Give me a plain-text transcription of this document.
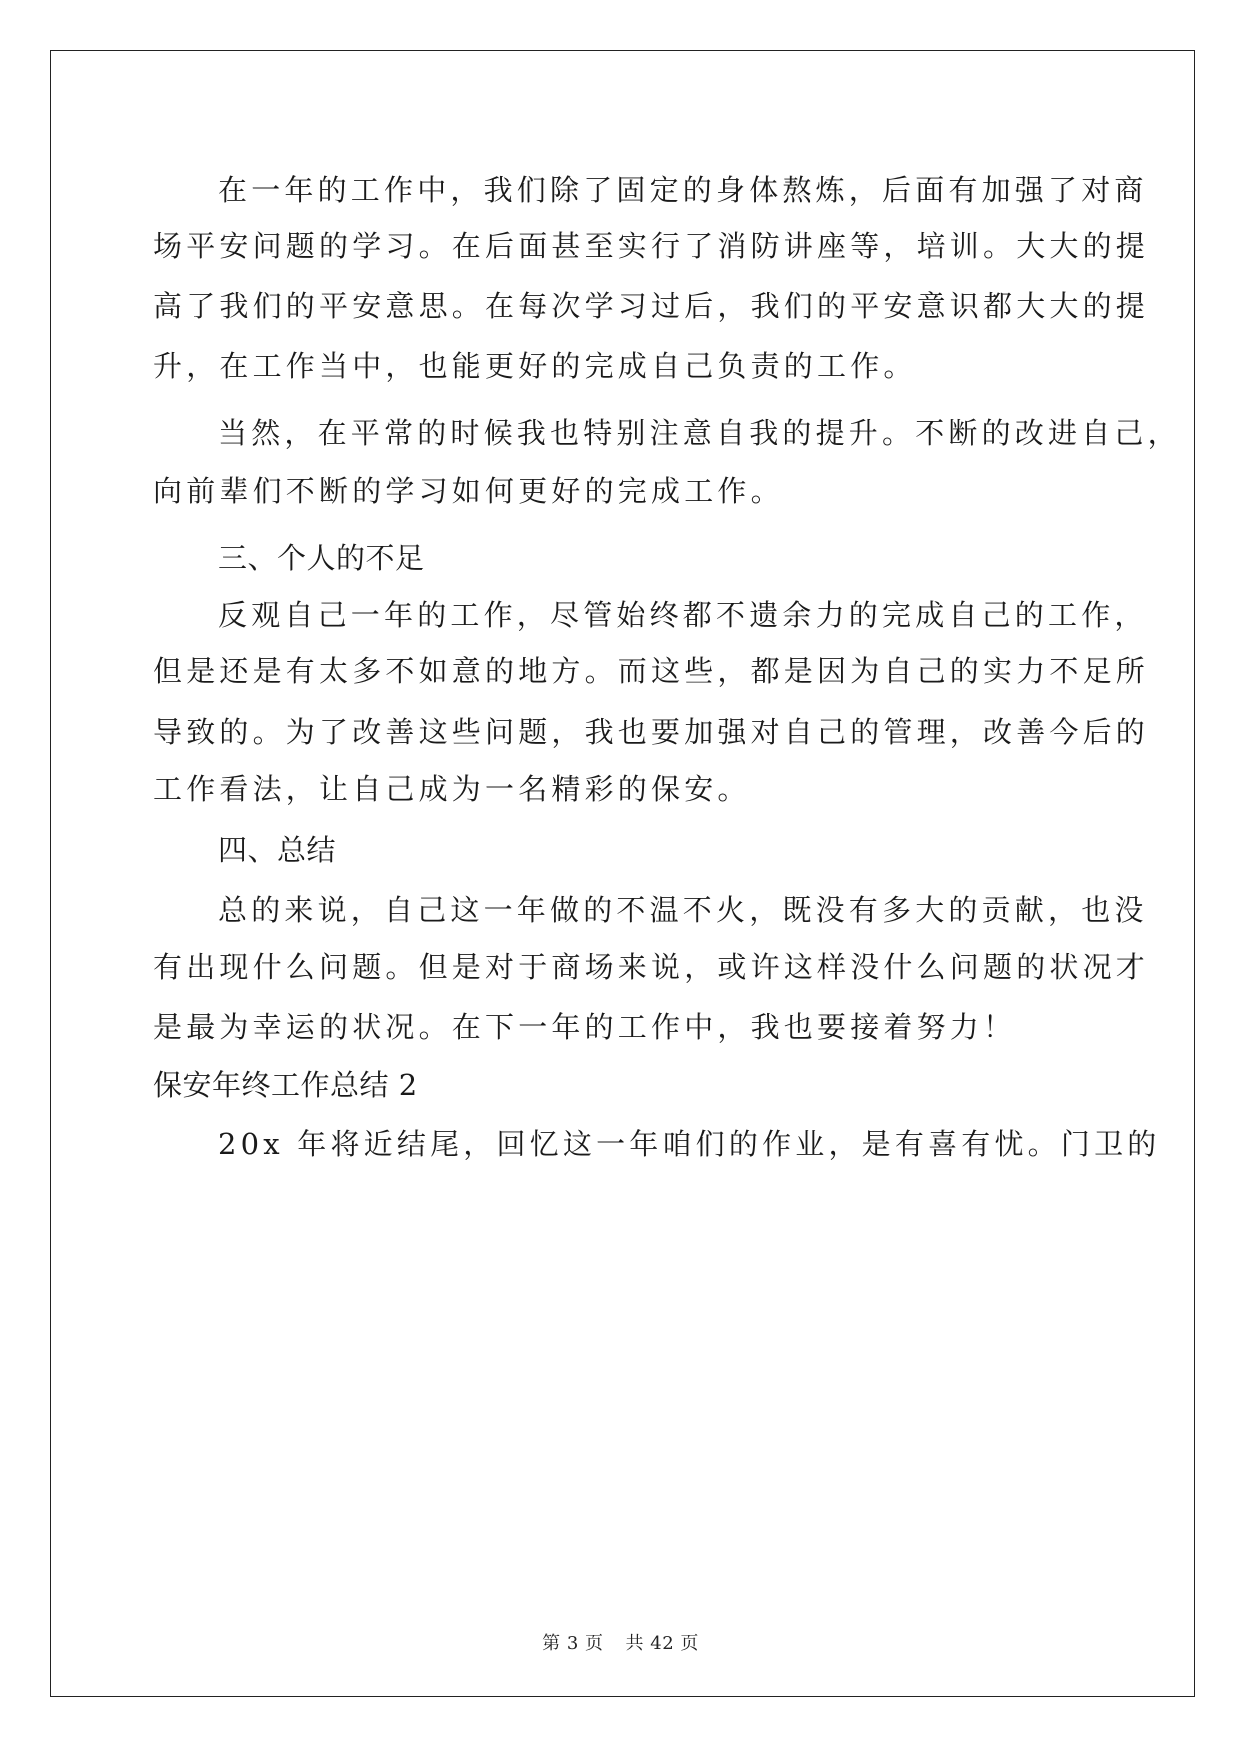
在一年的工作中，我们除了固定的身体熬炼，后面有加强了对商

场平安问题的学习。在后面甚至实行了消防讲座等，培训。大大的提

高了我们的平安意思。在每次学习过后，我们的平安意识都大大的提

升，在工作当中，也能更好的完成自己负责的工作。

当然，在平常的时候我也特别注意自我的提升。不断的改进自己，

向前辈们不断的学习如何更好的完成工作。

三、个人的不足

反观自己一年的工作，尽管始终都不遗余力的完成自己的工作，

但是还是有太多不如意的地方。而这些，都是因为自己的实力不足所

导致的。为了改善这些问题，我也要加强对自己的管理，改善今后的

工作看法，让自己成为一名精彩的保安。

四、总结

总的来说，自己这一年做的不温不火，既没有多大的贡献，也没

有出现什么问题。但是对于商场来说，或许这样没什么问题的状况才

是最为幸运的状况。在下一年的工作中，我也要接着努力！

保安年终工作总结 2

20x 年将近结尾，回忆这一年咱们的作业，是有喜有忧。门卫的

第 3 页 共 42 页
